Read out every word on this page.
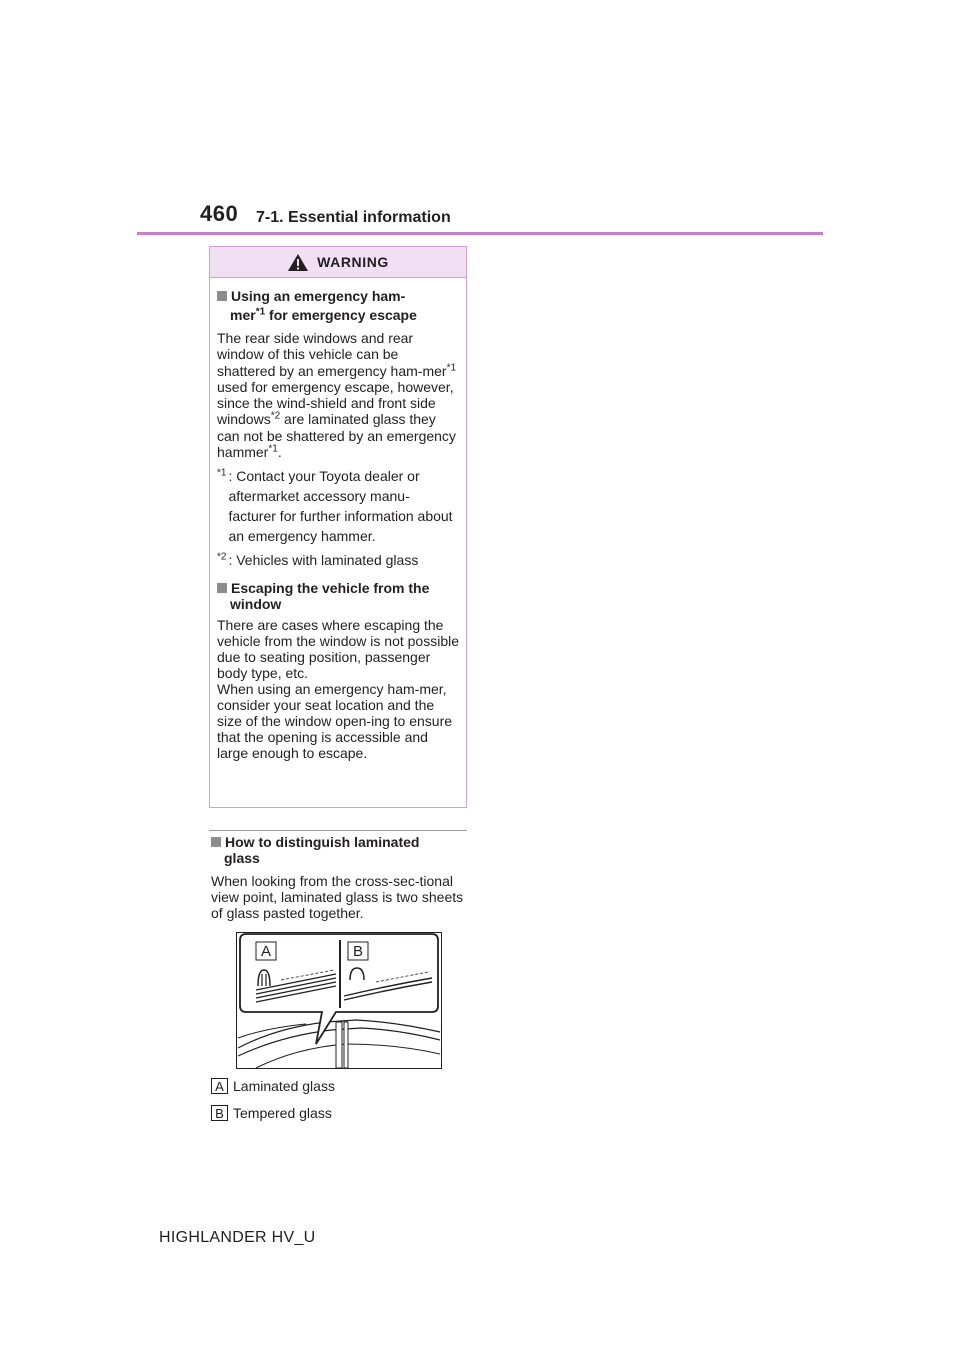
460 7-1. Essential information
WARNING
Using an emergency ham-
mer$^{*1}$ for emergency escape

The rear side windows and rear window of this vehicle can be shattered by an emergency ham-mer$^{*1}$ used for emergency escape, however, since the wind-shield and front side windows$^{*2}$ are laminated glass they can not be shattered by an emergency hammer$^{*1}$.

$^{*1}$ : Contact your Toyota dealer or aftermarket accessory manu-facturer for further information about an emergency hammer.
$^{*2}$ : Vehicles with laminated glass
Escaping the vehicle from the
window

There are cases where escaping the vehicle from the window is not possible due to seating position, passenger body type, etc.

When using an emergency ham-mer, consider your seat location and the size of the window open-ing to ensure that the opening is accessible and large enough to escape.

How to distinguish laminated
glass

When looking from the cross-sec-tional view point, laminated glass is two sheets of glass pasted together.

A	B
A Laminated glass
B Tempered glass
HIGHLANDER HV_U
